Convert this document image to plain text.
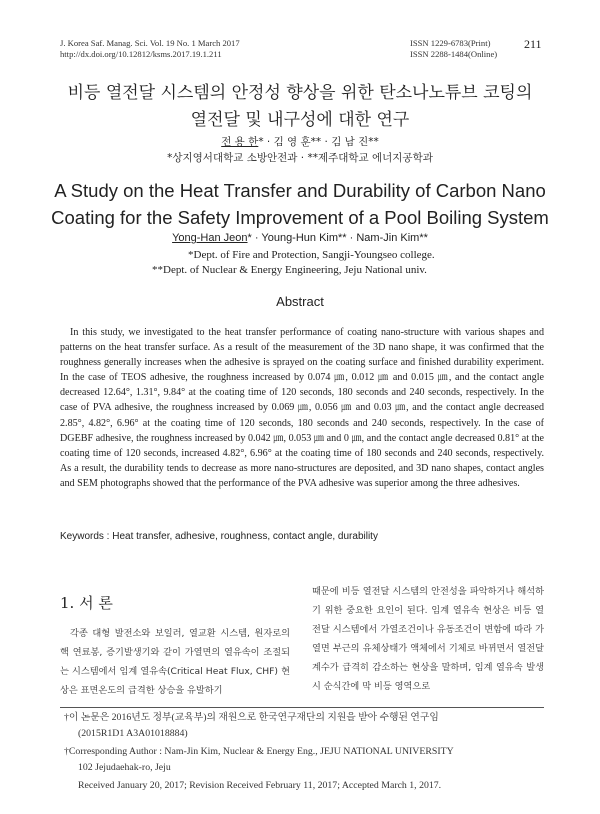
J. Korea Saf. Manag. Sci. Vol. 19 No. 1 March 2017
http://dx.doi.org/10.12812/ksms.2017.19.1.211
ISSN 1229-6783(Print)
ISSN 2288-1484(Online)
211
비등 열전달 시스템의 안정성 향상을 위한 탄소나노튜브 코팅의
열전달 및 내구성에 대한 연구
전 용 한* · 김 영 훈** · 김 남 진**
*상지영서대학교 소방안전과 · **제주대학교 에너지공학과
A Study on the Heat Transfer and Durability of Carbon Nano
Coating for the Safety Improvement of a Pool Boiling System
Yong-Han Jeon* · Young-Hun Kim** · Nam-Jin Kim**
*Dept. of Fire and Protection, Sangji-Youngseo college.
**Dept. of Nuclear & Energy Engineering, Jeju National univ.
Abstract
In this study, we investigated to the heat transfer performance of coating nano-structure with various shapes and patterns on the heat transfer surface. As a result of the measurement of the 3D nano shape, it was confirmed that the roughness generally increases when the adhesive is sprayed on the coating surface and finished durability experiment. In the case of TEOS adhesive, the roughness increased by 0.074 ㎛, 0.012 ㎛ and 0.015 ㎛, and the contact angle decreased 12.64°, 1.31°, 9.84° at the coating time of 120 seconds, 180 seconds and 240 seconds, respectively. In the case of PVA adhesive, the roughness increased by 0.069 ㎛, 0.056 ㎛ and 0.03 ㎛, and the contact angle decreased 2.85°, 4.82°, 6.96° at the coating time of 120 seconds, 180 seconds and 240 seconds, respectively. In the case of DGEBF adhesive, the roughness increased by 0.042 ㎛, 0.053 ㎛ and 0 ㎛, and the contact angle decreased 0.81° at the coating time of 120 seconds, increased 4.82°, 6.96° at the coating time of 180 seconds and 240 seconds, respectively. As a result, the durability tends to decrease as more nano-structures are deposited, and 3D nano shapes, contact angles and SEM photographs showed that the performance of the PVA adhesive was superior among the three adhesives.
Keywords : Heat transfer, adhesive, roughness, contact angle, durability
1. 서 론
각종 대형 발전소와 보일러, 열교환 시스템, 원자로의 핵 연료봉, 증기발생기와 같이 가열면의 열유속이 조절되는 시스템에서 임계 열유속(Critical Heat Flux, CHF) 현상은 표면온도의 급격한 상승을 유발하기
때문에 비등 열전달 시스템의 안전성을 파악하거나 해석하기 위한 중요한 요인이 된다. 임계 열유속 현상은 비등 열전달 시스템에서 가열조건이나 유동조건이 변함에 따라 가열면 부근의 유체상태가 액체에서 기체로 바뀌면서 열전달계수가 급격히 감소하는 현상을 말하며, 임계 열유속 발생 시 순식간에 막 비등 영역으로
†이 논문은 2016년도 정부(교육부)의 재원으로 한국연구재단의 지원을 받아 수행된 연구임
(2015R1D1 A3A01018884)
†Corresponding Author : Nam-Jin Kim, Nuclear & Energy Eng., JEJU NATIONAL UNIVERSITY
102 Jejudaehak-ro, Jeju
Received January 20, 2017; Revision Received February 11, 2017; Accepted March 1, 2017.
